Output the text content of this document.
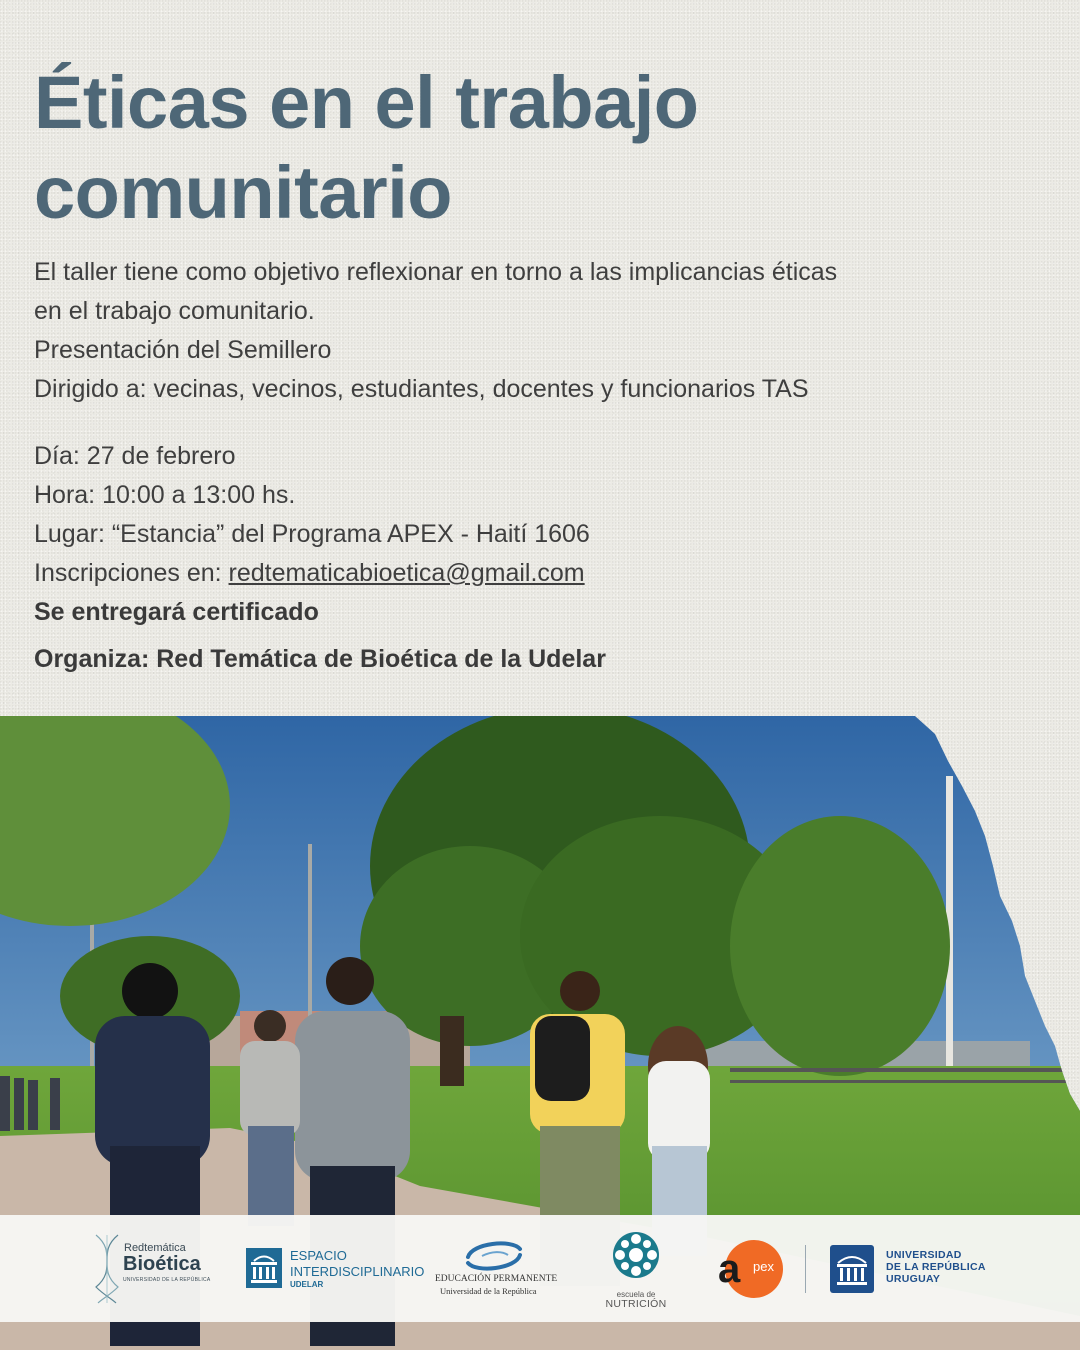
Éticas en el trabajo comunitario
El taller tiene como objetivo reflexionar en torno a las implicancias éticas
en el trabajo comunitario.
Presentación del Semillero
Dirigido a: vecinas, vecinos, estudiantes, docentes y funcionarios TAS
Día: 27 de febrero
Hora: 10:00 a 13:00 hs.
Lugar: “Estancia” del Programa APEX - Haití 1606
Inscripciones en: redtematicabioetica@gmail.com
Se entregará certificado
Organiza: Red Temática de Bioética de la Udelar
Redtemática
Bioética
UNIVERSIDAD DE LA REPÚBLICA
ESPACIO
INTERDISCIPLINARIO
UDELAR
EDUCACIÓN PERMANENTE
Universidad de la República	escuela de
NUTRICIÓN
a pex
UNIVERSIDAD
DE LA REPÚBLICA
URUGUAY
